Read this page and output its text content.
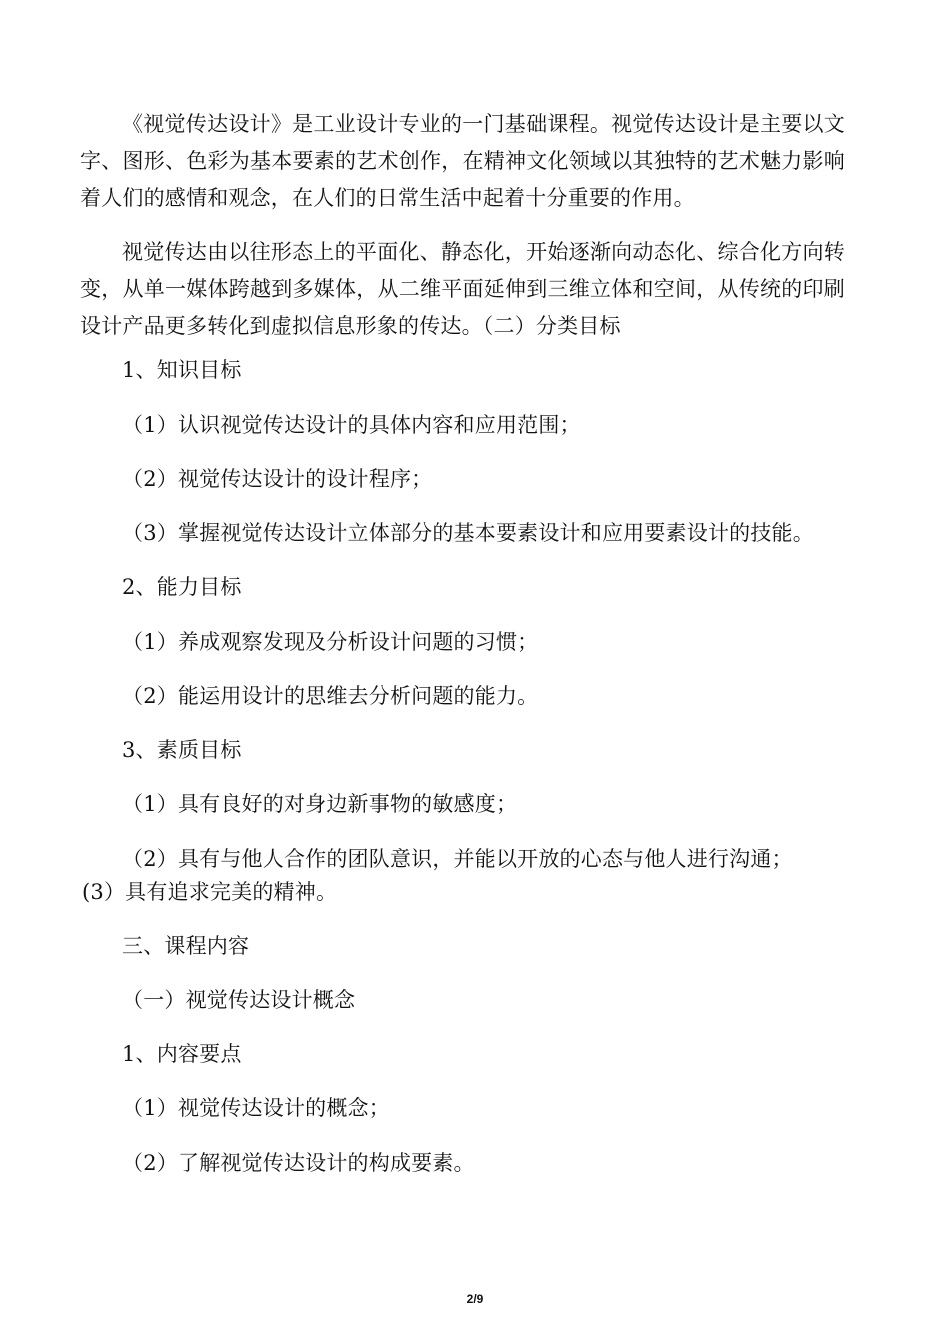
《视觉传达设计》是工业设计专业的一门基础课程。视觉传达设计是主要以文字、图形、色彩为基本要素的艺术创作，在精神文化领域以其独特的艺术魅力影响着人们的感情和观念，在人们的日常生活中起着十分重要的作用。

视觉传达由以往形态上的平面化、静态化，开始逐渐向动态化、综合化方向转变，从单一媒体跨越到多媒体，从二维平面延伸到三维立体和空间，从传统的印刷设计产品更多转化到虚拟信息形象的传达。（二）分类目标

1、知识目标

（1）认识视觉传达设计的具体内容和应用范围；

（2）视觉传达设计的设计程序；

（3）掌握视觉传达设计立体部分的基本要素设计和应用要素设计的技能。

2、能力目标

（1）养成观察发现及分析设计问题的习惯；

（2）能运用设计的思维去分析问题的能力。

3、素质目标

（1）具有良好的对身边新事物的敏感度；

（2）具有与他人合作的团队意识，并能以开放的心态与他人进行沟通；

(3）具有追求完美的精神。

三、课程内容

（一）视觉传达设计概念

1、内容要点

（1）视觉传达设计的概念；

（2）了解视觉传达设计的构成要素。

2/9
